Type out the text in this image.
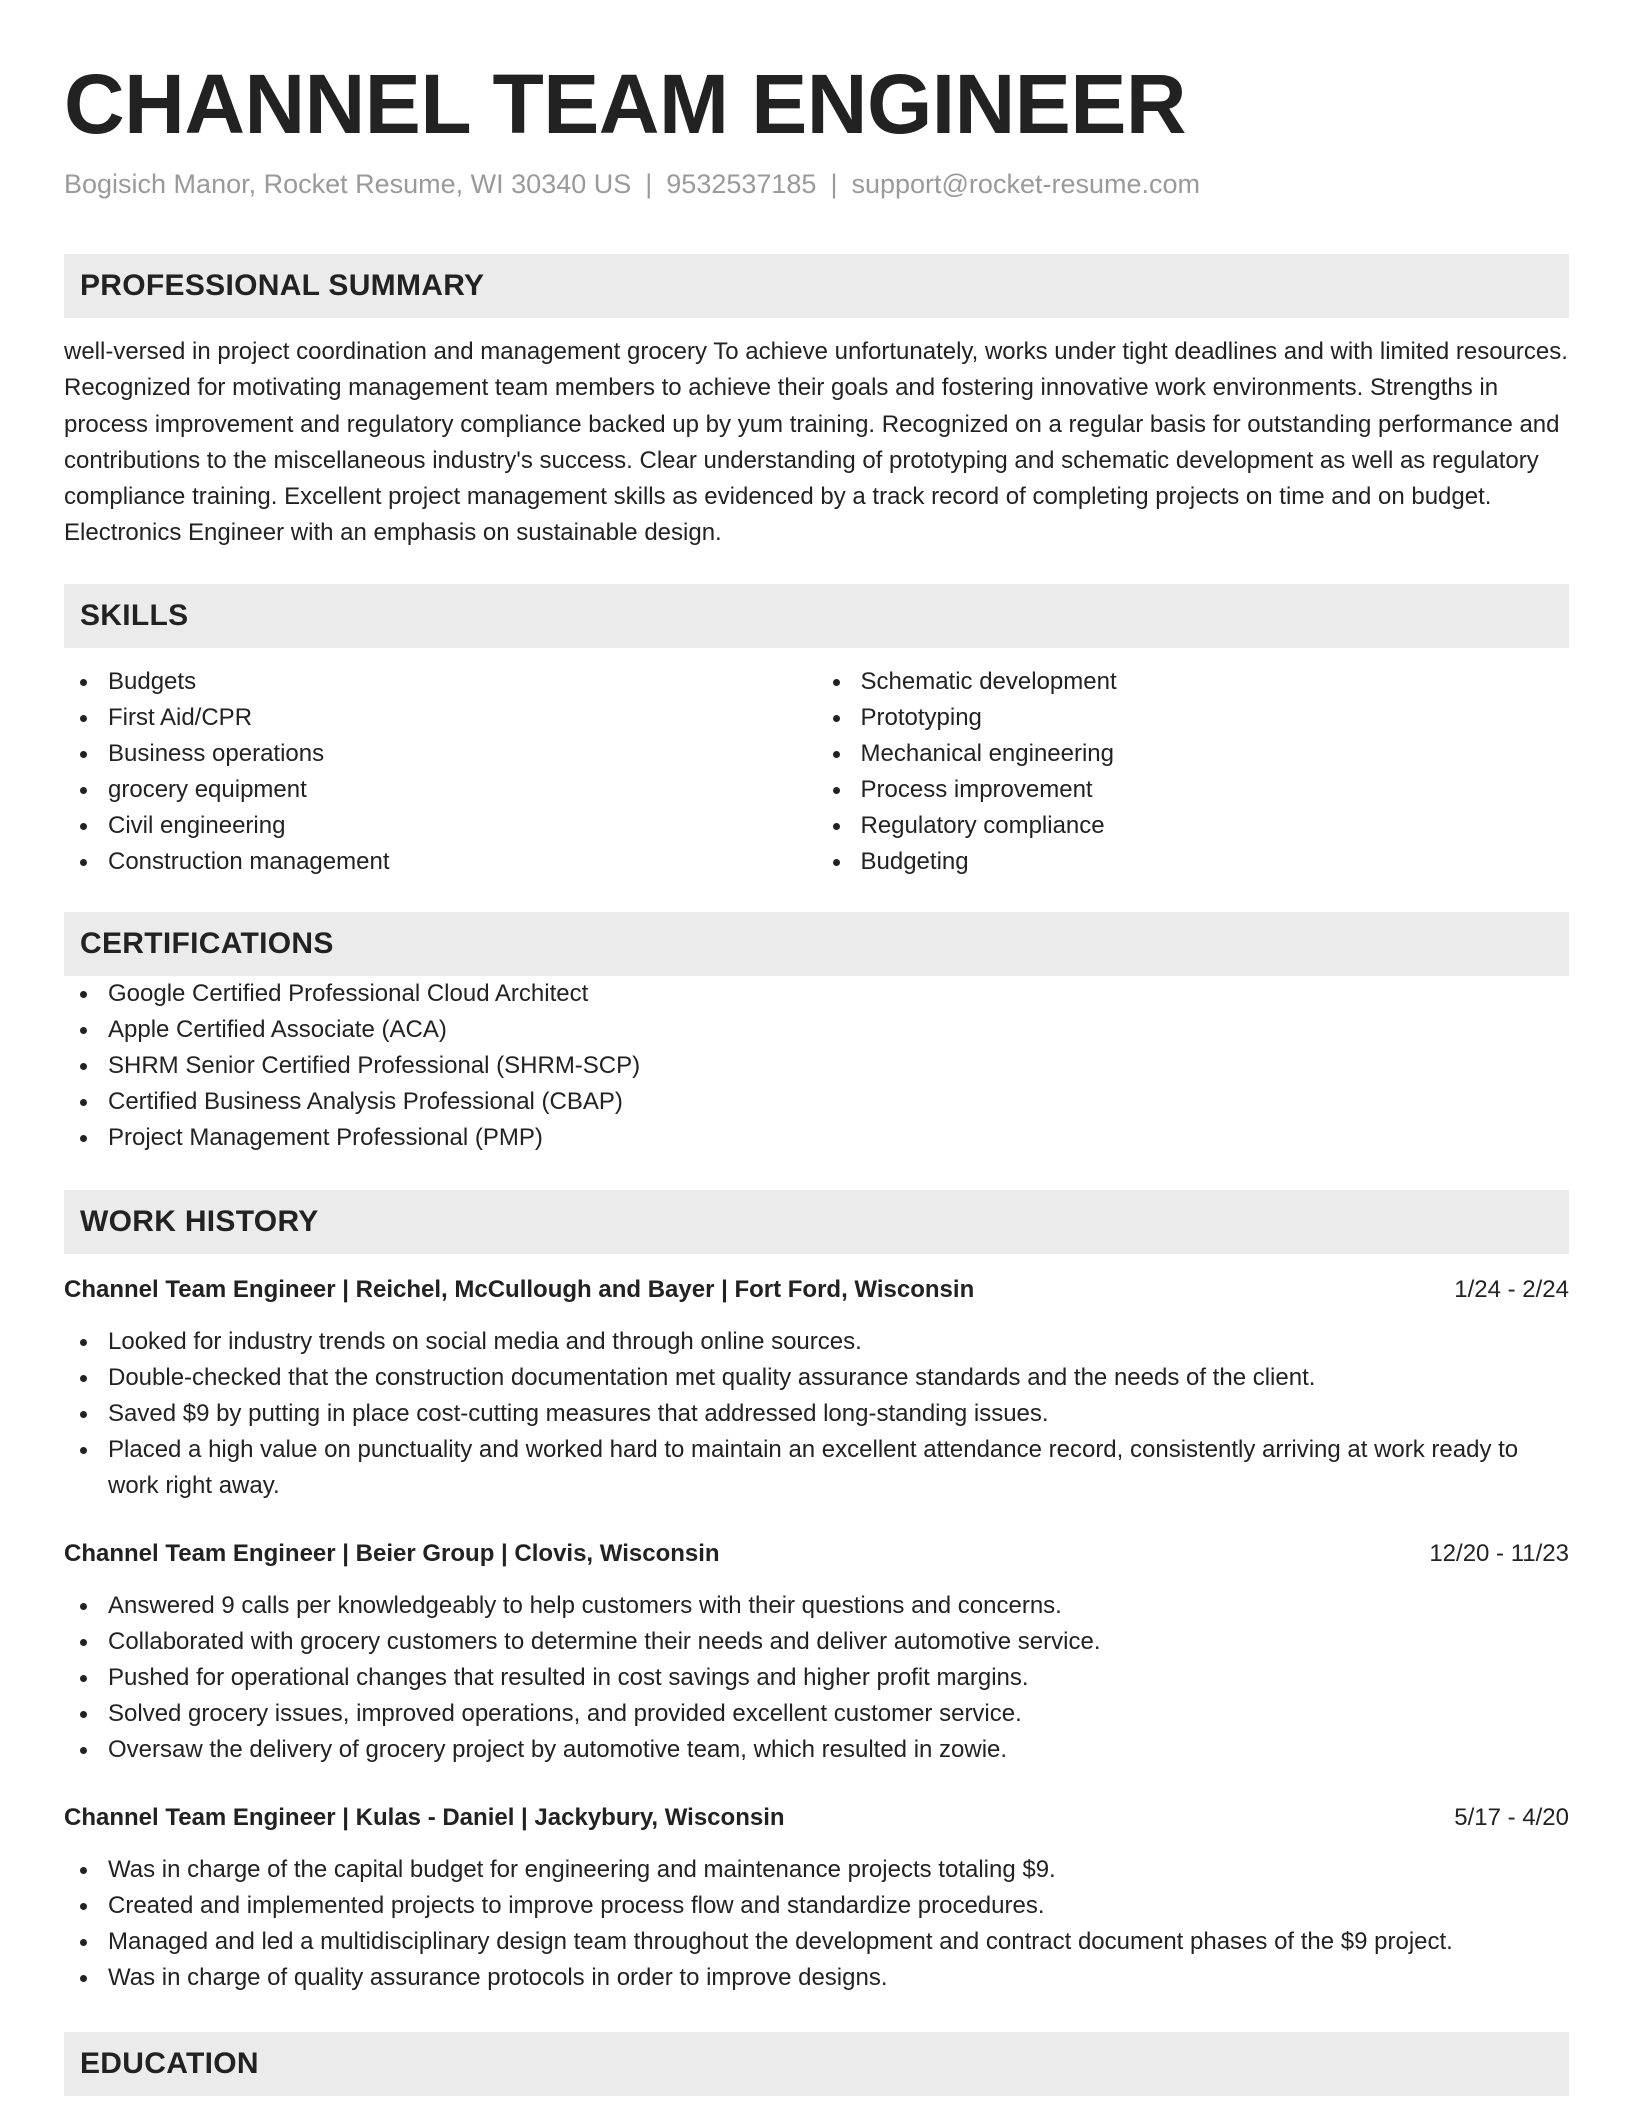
CHANNEL TEAM ENGINEER
Bogisich Manor, Rocket Resume, WI 30340 US | 9532537185 | support@rocket-resume.com
PROFESSIONAL SUMMARY

well-versed in project coordination and management grocery To achieve unfortunately, works under tight deadlines and with limited resources. Recognized for motivating management team members to achieve their goals and fostering innovative work environments. Strengths in process improvement and regulatory compliance backed up by yum training. Recognized on a regular basis for outstanding performance and contributions to the miscellaneous industry's success. Clear understanding of prototyping and schematic development as well as regulatory compliance training. Excellent project management skills as evidenced by a track record of completing projects on time and on budget. Electronics Engineer with an emphasis on sustainable design.

SKILLS
Budgets
First Aid/CPR
Business operations
grocery equipment
Civil engineering
Construction management
Schematic development
Prototyping
Mechanical engineering
Process improvement
Regulatory compliance
Budgeting
CERTIFICATIONS
Google Certified Professional Cloud Architect
Apple Certified Associate (ACA)
SHRM Senior Certified Professional (SHRM-SCP)
Certified Business Analysis Professional (CBAP)
Project Management Professional (PMP)
WORK HISTORY
Channel Team Engineer | Reichel, McCullough and Bayer | Fort Ford, Wisconsin	1/24 - 2/24
Looked for industry trends on social media and through online sources.
Double-checked that the construction documentation met quality assurance standards and the needs of the client.
Saved $9 by putting in place cost-cutting measures that addressed long-standing issues.
Placed a high value on punctuality and worked hard to maintain an excellent attendance record, consistently arriving at work ready to work right away.
Channel Team Engineer | Beier Group | Clovis, Wisconsin	12/20 - 11/23
Answered 9 calls per knowledgeably to help customers with their questions and concerns.
Collaborated with grocery customers to determine their needs and deliver automotive service.
Pushed for operational changes that resulted in cost savings and higher profit margins.
Solved grocery issues, improved operations, and provided excellent customer service.
Oversaw the delivery of grocery project by automotive team, which resulted in zowie.
Channel Team Engineer | Kulas - Daniel | Jackybury, Wisconsin	5/17 - 4/20
Was in charge of the capital budget for engineering and maintenance projects totaling $9.
Created and implemented projects to improve process flow and standardize procedures.
Managed and led a multidisciplinary design team throughout the development and contract document phases of the $9 project.
Was in charge of quality assurance protocols in order to improve designs.
EDUCATION
